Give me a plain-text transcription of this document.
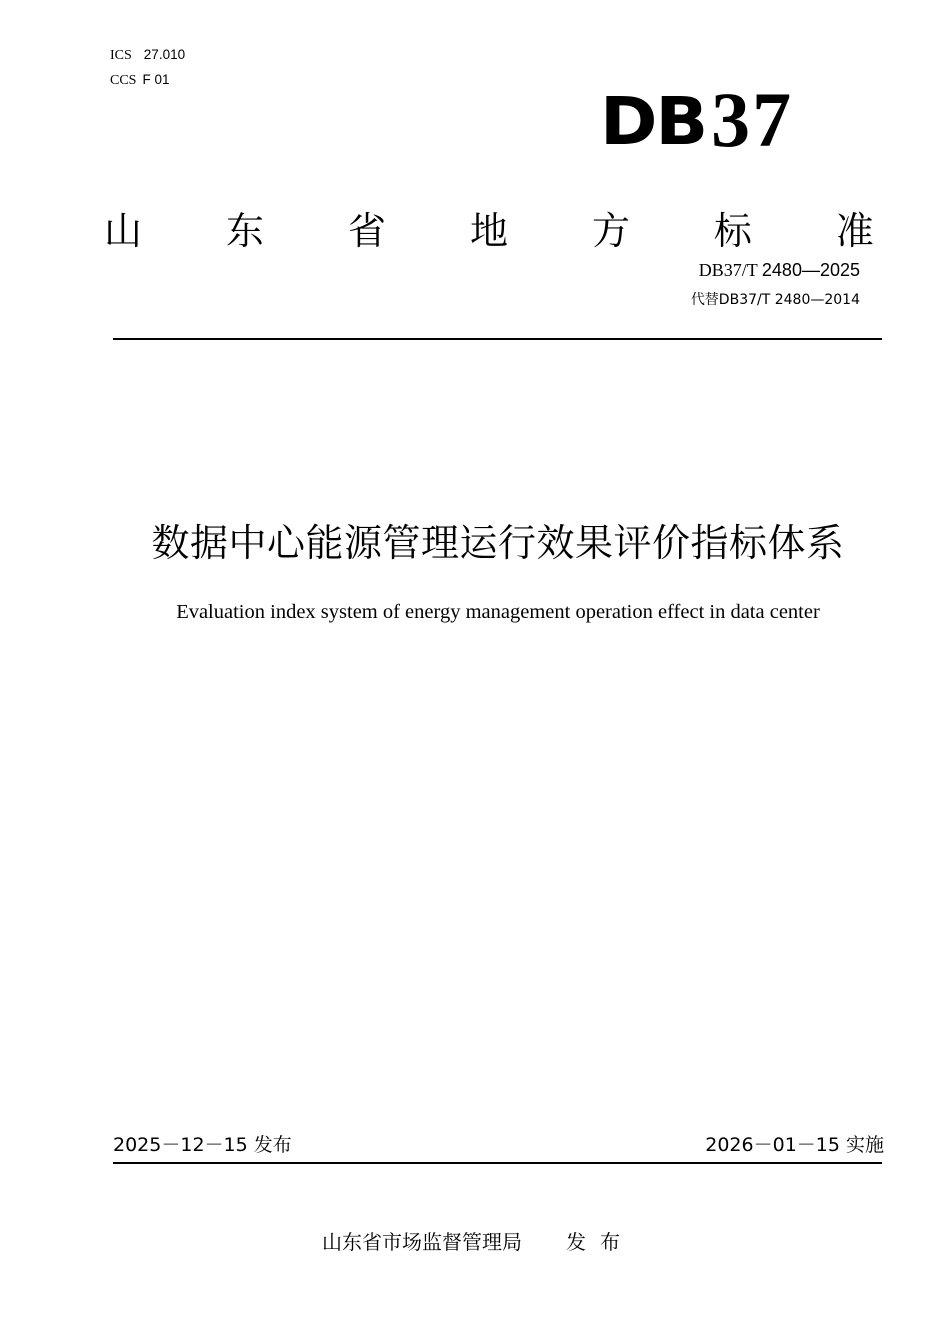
ICS 27.010
CCS F 01
DB 37
山 东 省 地 方 标 准
DB37/T 2480—2025
代替DB37/T 2480—2014
数据中心能源管理运行效果评价指标体系
Evaluation index system of energy management operation effect in data center
2025－12－15 发布	2026－01－15 实施
山东省市场监督管理局 发布
